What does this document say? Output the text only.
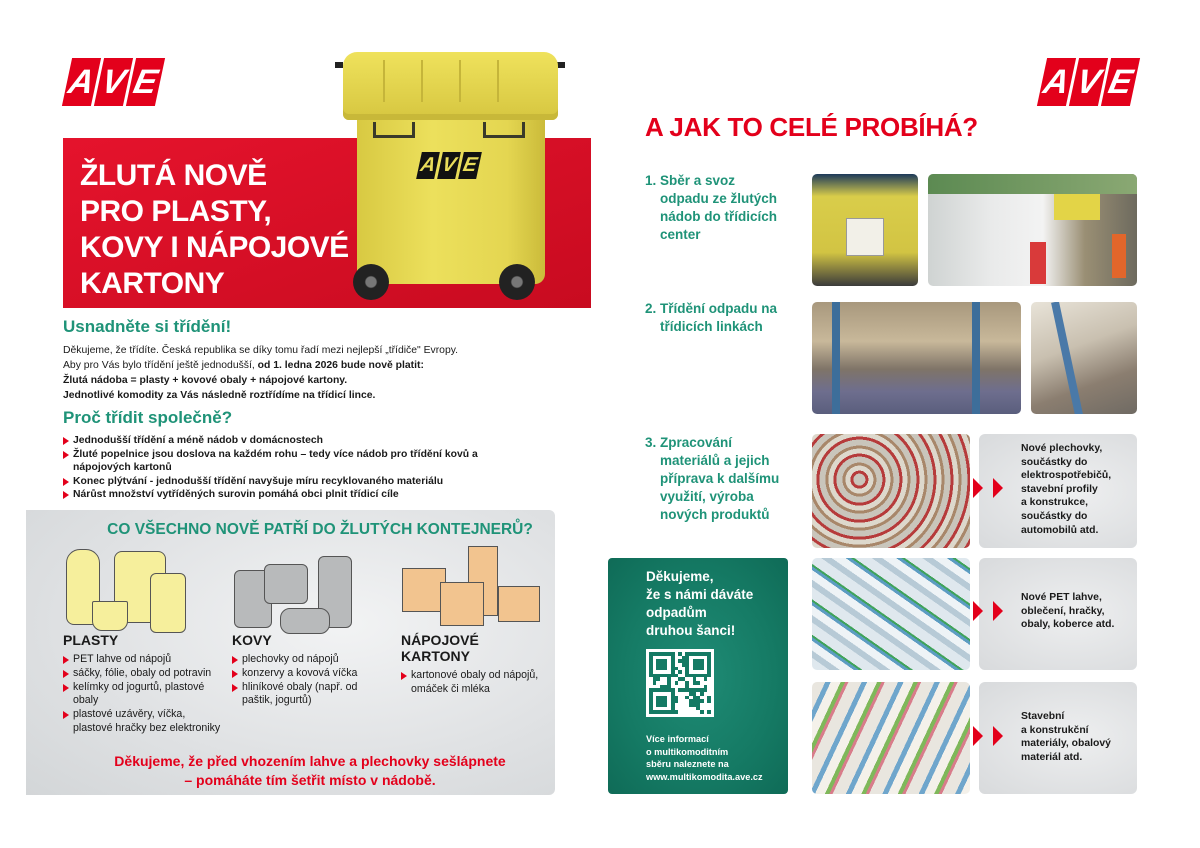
A V E
ŽLUTÁ NOVĚ
PRO PLASTY,
KOVY I NÁPOJOVÉ
KARTONY
A V E
Usnadněte si třídění!
Děkujeme, že třídíte. Česká republika se díky tomu řadí mezi nejlepší „třídiče" Evropy.
Aby pro Vás bylo třídění ještě jednodušší, od 1. ledna 2026 bude nově platit:
Žlutá nádoba = plasty + kovové obaly + nápojové kartony.
Jednotlivé komodity za Vás následně roztřídíme na třídicí lince.
Proč třídit společně?
Jednodušší třídění a méně nádob v domácnostech
Žluté popelnice jsou doslova na každém rohu – tedy více nádob pro třídění kovů a nápojových kartonů
Konec plýtvání - jednodušší třídění navyšuje míru recyklovaného materiálu
Nárůst množství vytříděných surovin pomáhá obci plnit třídicí cíle
CO VŠECHNO NOVĚ PATŘÍ DO ŽLUTÝCH KONTEJNERŮ?
PLASTY
PET lahve od nápojů
sáčky, fólie, obaly od potravin
kelímky od jogurtů, plastové obaly
plastové uzávěry, víčka, plastové hračky bez elektroniky
KOVY
plechovky od nápojů
konzervy a kovová víčka
hliníkové obaly (např. od paštik, jogurtů)
NÁPOJOVÉ KARTONY
kartonové obaly od nápojů, omáček či mléka
Děkujeme, že před vhozením lahve a plechovky sešlápnete
– pomáháte tím šetřit místo v nádobě.
A V E
A JAK TO CELÉ PROBÍHÁ?
1. Sběr a svoz
odpadu ze žlutých
nádob do třídicích
center
2. Třídění odpadu na
třídicích linkách
3. Zpracování
materiálů a jejich
příprava k dalšímu
využití, výroba
nových produktů
Nové plechovky,
součástky do
elektrospotřebičů,
stavební profily
a konstrukce,
součástky do
automobilů atd.
Nové PET lahve,
oblečení, hračky,
obaly, koberce atd.
Stavební
a konstrukční
materiály, obalový
materiál atd.
Děkujeme,
že s námi dáváte
odpadům
druhou šanci!
Více informací
o multikomoditním
sběru naleznete na
www.multikomodita.ave.cz
